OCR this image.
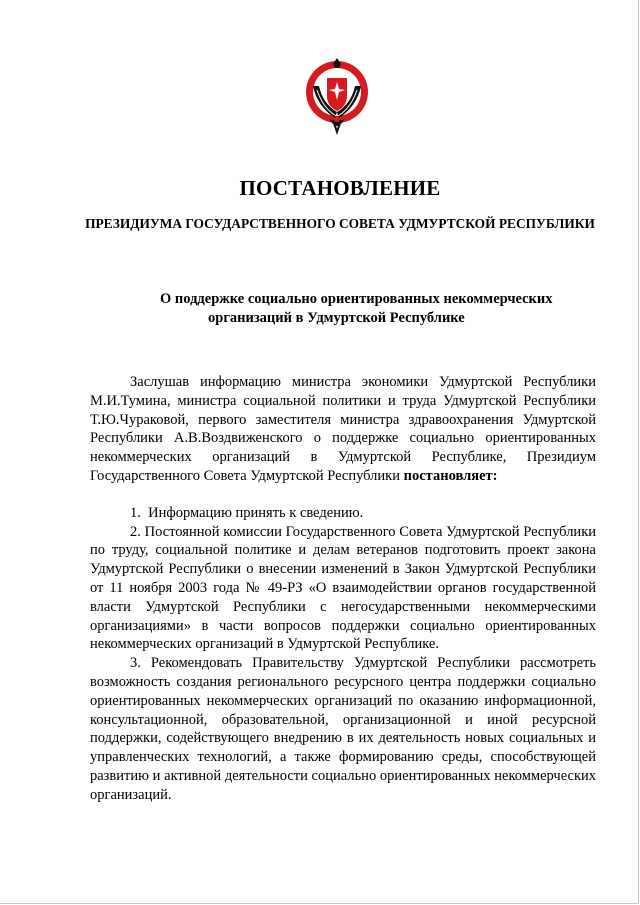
ПОСТАНОВЛЕНИЕ
ПРЕЗИДИУМА ГОСУДАРСТВЕННОГО СОВЕТА УДМУРТСКОЙ РЕСПУБЛИКИ
О поддержке социально ориентированных некоммерческих
организаций в Удмуртской Республике

Заслушав информацию министра экономики Удмуртской Республики М.И.Тумина, министра социальной политики и труда Удмуртской Республики Т.Ю.Чураковой, первого заместителя министра здравоохранения Удмуртской Республики А.В.Воздвиженского о поддержке социально ориентированных некоммерческих организаций в Удмуртской Республике, Президиум Государственного Совета Удмуртской Республики постановляет:

1. Информацию принять к сведению.

2. Постоянной комиссии Государственного Совета Удмуртской Республики по труду, социальной политике и делам ветеранов подготовить проект закона Удмуртской Республики о внесении изменений в Закон Удмуртской Республики от 11 ноября 2003 года № 49-РЗ «О взаимодействии органов государственной власти Удмуртской Республики с негосударственными некоммерческими организациями» в части вопросов поддержки социально ориентированных некоммерческих организаций в Удмуртской Республике.

3. Рекомендовать Правительству Удмуртской Республики рассмотреть возможность создания регионального ресурсного центра поддержки социально ориентированных некоммерческих организаций по оказанию информационной, консультационной, образовательной, организационной и иной ресурсной поддержки, содействующего внедрению в их деятельность новых социальных и управленческих технологий, а также формированию среды, способствующей развитию и активной деятельности социально ориентированных некоммерческих организаций.
